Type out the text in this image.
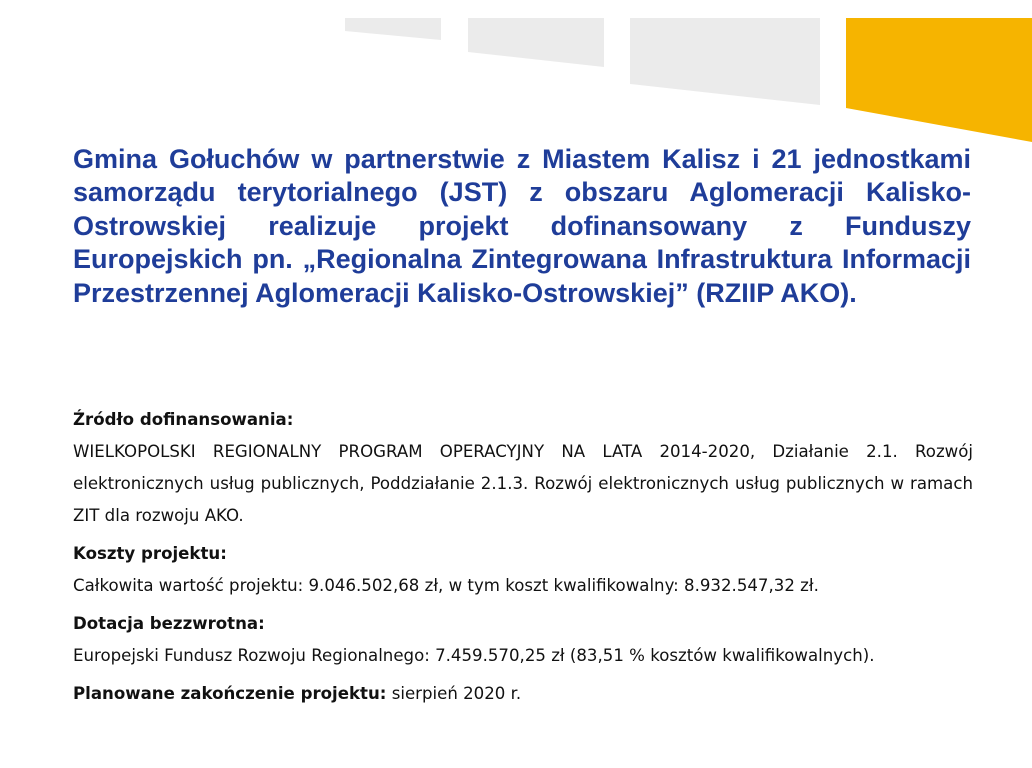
Gmina Gołuchów w partnerstwie z Miastem Kalisz i 21 jednostkami samorządu terytorialnego (JST) z obszaru Aglomeracji Kalisko-Ostrowskiej realizuje projekt dofinansowany z Funduszy Europejskich pn. „Regionalna Zintegrowana Infrastruktura Informacji Przestrzennej Aglomeracji Kalisko-Ostrowskiej” (RZIIP AKO).

Źródło dofinansowania:
WIELKOPOLSKI REGIONALNY PROGRAM OPERACYJNY NA LATA 2014-2020, Działanie 2.1. Rozwój elektronicznych usług publicznych, Poddziałanie 2.1.3. Rozwój elektronicznych usług publicznych w ramach ZIT dla rozwoju AKO.
Koszty projektu:
Całkowita wartość projektu: 9.046.502,68 zł, w tym koszt kwalifikowalny: 8.932.547,32 zł.
Dotacja bezzwrotna:
Europejski Fundusz Rozwoju Regionalnego: 7.459.570,25 zł (83,51 % kosztów kwalifikowalnych).
Planowane zakończenie projektu: sierpień 2020 r.
